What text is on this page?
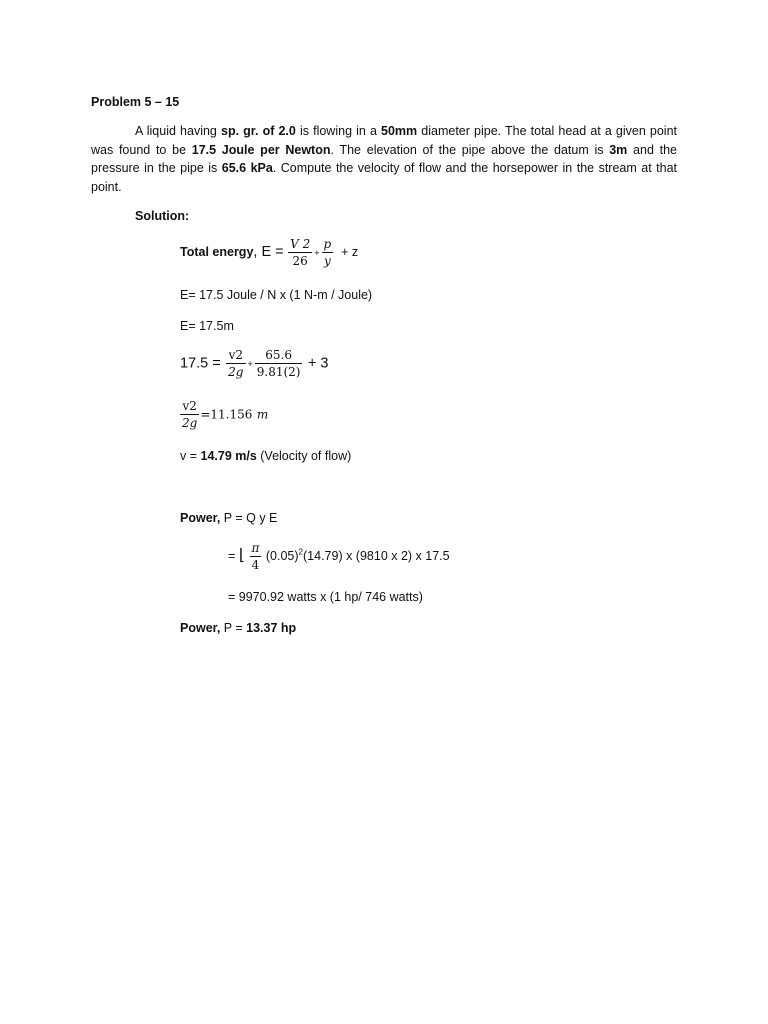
Problem 5 – 15
A liquid having sp. gr. of 2.0 is flowing in a 50mm diameter pipe. The total head at a given point was found to be 17.5 Joule per Newton. The elevation of the pipe above the datum is 3m and the pressure in the pipe is 65.6 kPa. Compute the velocity of flow and the horsepower in the stream at that point.
Solution:
Total energy, $E = \frac{V 2}{26} + \frac{p}{y} + z$
E= 17.5 Joule / N x (1 N-m / Joule)
E= 17.5m
$17.5 = \frac{v2}{2g} + \frac{65.6}{9.81(2)} + 3$
$\frac{v2}{2g} =11.156$ m
v = 14.79 m/s (Velocity of flow)
Power, P = Q y E
= ⌊ $\frac{\pi}{4} (0.05)^2(14.79)$ x (9810 x 2) x 17.5
= 9970.92 watts x (1 hp/ 746 watts)
Power, P = 13.37 hp
